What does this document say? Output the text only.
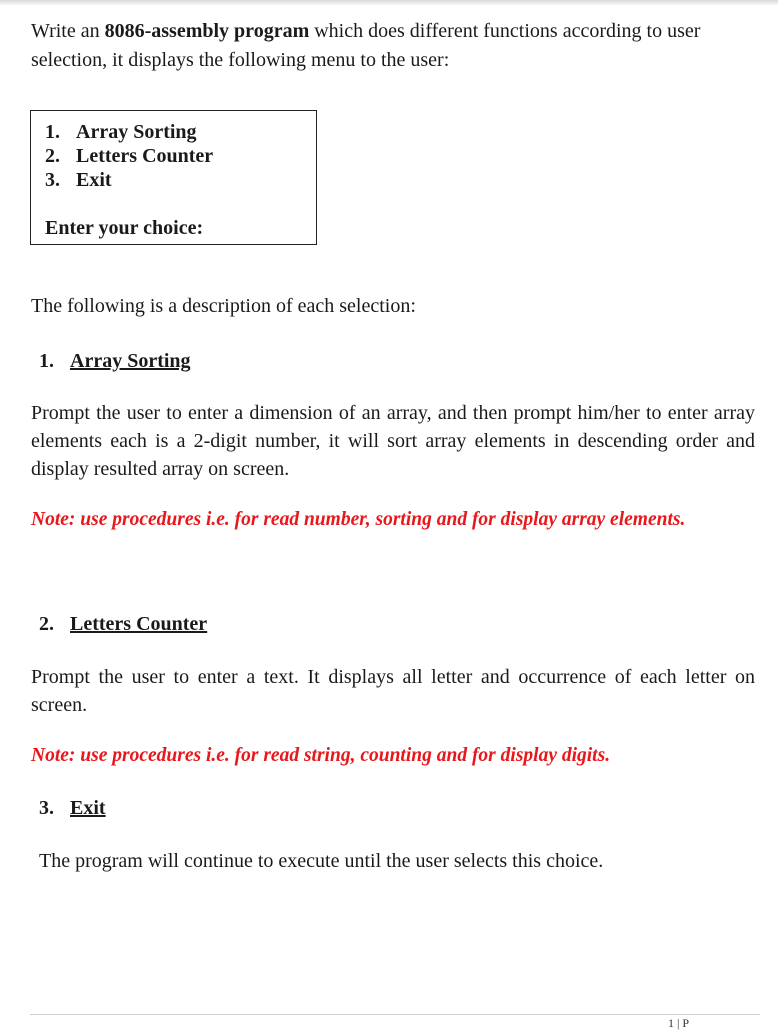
Write an 8086-assembly program which does different functions according to user selection, it displays the following menu to the user:

1. Array Sorting
2. Letters Counter
3. Exit
Enter your choice:
The following is a description of each selection:
1. Array Sorting

Prompt the user to enter a dimension of an array, and then prompt him/her to enter array elements each is a 2-digit number, it will sort array elements in descending order and display resulted array on screen.

Note: use procedures i.e. for read number, sorting and for display array elements.
2. Letters Counter

Prompt the user to enter a text. It displays all letter and occurrence of each letter on screen.

Note: use procedures i.e. for read string, counting and for display digits.
3. Exit
The program will continue to execute until the user selects this choice.
1 | P
